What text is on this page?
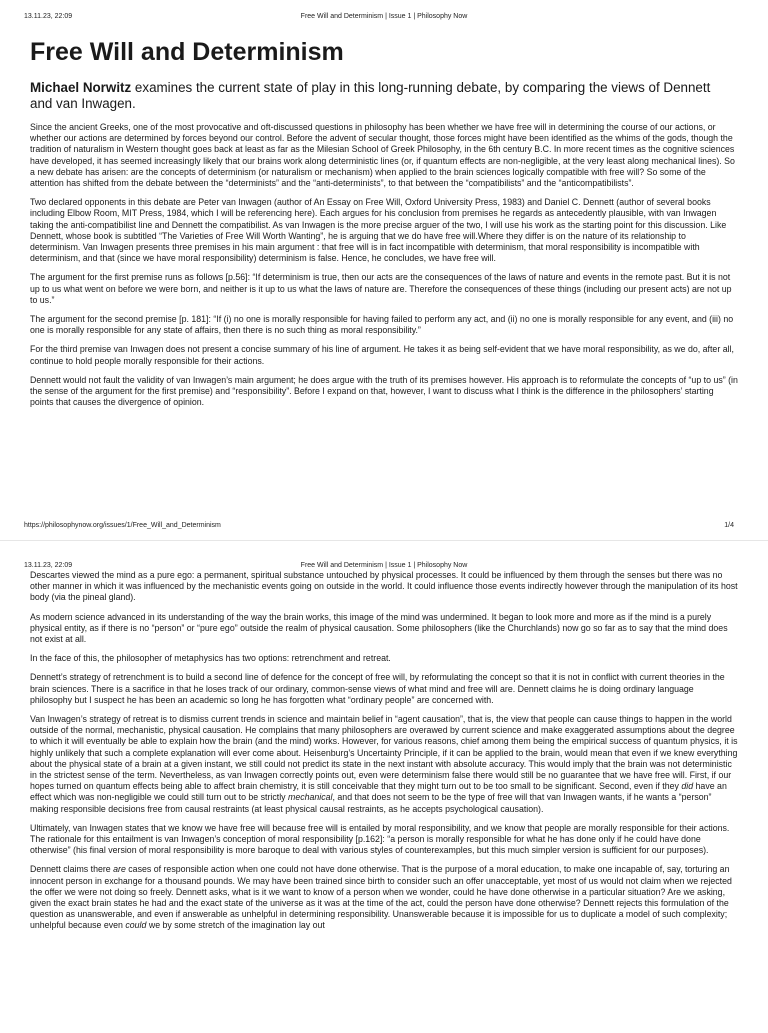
13.11.23, 22:09	Free Will and Determinism | Issue 1 | Philosophy Now
Free Will and Determinism

Michael Norwitz examines the current state of play in this long-running debate, by comparing the views of Dennett and van Inwagen.

Since the ancient Greeks, one of the most provocative and oft-discussed questions in philosophy has been whether we have free will in determining the course of our actions, or whether our actions are determined by forces beyond our control. Before the advent of secular thought, those forces might have been identified as the whims of the gods, though the tradition of naturalism in Western thought goes back at least as far as the Milesian School of Greek Philosophy, in the 6th century B.C. In more recent times as the cognitive sciences have developed, it has seemed increasingly likely that our brains work along deterministic lines (or, if quantum effects are non-negligible, at the very least along mechanical lines). So a new debate has arisen: are the concepts of determinism (or naturalism or mechanism) when applied to the brain sciences logically compatible with free will? So some of the attention has shifted from the debate between the “determinists” and the “anti-determinists”, to that between the “compatibilists” and the “anticompatibilists”.

Two declared opponents in this debate are Peter van Inwagen (author of An Essay on Free Will, Oxford University Press, 1983) and Daniel C. Dennett (author of several books including Elbow Room, MIT Press, 1984, which I will be referencing here). Each argues for his conclusion from premises he regards as antecedently plausible, with van Inwagen taking the anti-compatibilist line and Dennett the compatibilist. As van Inwagen is the more precise arguer of the two, I will use his work as the starting point for this discussion. Like Dennett, whose book is subtitled “The Varieties of Free Will Worth Wanting”, he is arguing that we do have free will.Where they differ is on the nature of its relationship to determinism. Van Inwagen presents three premises in his main argument : that free will is in fact incompatible with determinism, that moral responsibility is incompatible with determinism, and that (since we have moral responsibility) determinism is false. Hence, he concludes, we have free will.

The argument for the first premise runs as follows [p.56]: “If determinism is true, then our acts are the consequences of the laws of nature and events in the remote past. But it is not up to us what went on before we were born, and neither is it up to us what the laws of nature are. Therefore the consequences of these things (including our present acts) are not up to us.”

The argument for the second premise [p. 181]: “If (i) no one is morally responsible for having failed to perform any act, and (ii) no one is morally responsible for any event, and (iii) no one is morally responsible for any state of affairs, then there is no such thing as moral responsibility.”

For the third premise van Inwagen does not present a concise summary of his line of argument. He takes it as being self-evident that we have moral responsibility, as we do, after all, continue to hold people morally responsible for their actions.

Dennett would not fault the validity of van Inwagen’s main argument; he does argue with the truth of its premises however. His approach is to reformulate the concepts of “up to us” (in the sense of the argument for the first premise) and “responsibility”. Before I expand on that, however, I want to discuss what I think is the difference in the philosophers’ starting points that causes the divergence of opinion.

https://philosophynow.org/issues/1/Free_Will_and_Determinism	1/4
13.11.23, 22:09	Free Will and Determinism | Issue 1 | Philosophy Now

Descartes viewed the mind as a pure ego: a permanent, spiritual substance untouched by physical processes. It could be influenced by them through the senses but there was no other manner in which it was influenced by the mechanistic events going on outside in the world. It could influence those events indirectly however through the manipulation of its host body (via the pineal gland).

As modern science advanced in its understanding of the way the brain works, this image of the mind was undermined. It began to look more and more as if the mind is a purely physical entity, as if there is no “person” or “pure ego” outside the realm of physical causation. Some philosophers (like the Churchlands) now go so far as to say that the mind does not exist at all.

In the face of this, the philosopher of metaphysics has two options: retrenchment and retreat.

Dennett’s strategy of retrenchment is to build a second line of defence for the concept of free will, by reformulating the concept so that it is not in conflict with current theories in the brain sciences. There is a sacrifice in that he loses track of our ordinary, common-sense views of what mind and free will are. Dennett claims he is doing ordinary language philosophy but I suspect he has been an academic so long he has forgotten what “ordinary people” are concerned with.

Van Inwagen’s strategy of retreat is to dismiss current trends in science and maintain belief in “agent causation”, that is, the view that people can cause things to happen in the world outside of the normal, mechanistic, physical causation. He complains that many philosophers are overawed by current science and make exaggerated assumptions about the degree to which it will eventually be able to explain how the brain (and the mind) works. However, for various reasons, chief among them being the empirical success of quantum physics, it is highly unlikely that such a complete explanation will ever come about. Heisenburg’s Uncertainty Principle, if it can be applied to the brain, would mean that even if we knew everything about the physical state of a brain at a given instant, we still could not predict its state in the next instant with absolute accuracy. This would imply that the brain was not deterministic in the strictest sense of the term. Nevertheless, as van Inwagen correctly points out, even were determinism false there would still be no guarantee that we have free will. First, if our hopes turned on quantum effects being able to affect brain chemistry, it is still conceivable that they might turn out to be too small to be significant. Second, even if they did have an effect which was non-negligible we could still turn out to be strictly mechanical, and that does not seem to be the type of free will that van Inwagen wants, if he wants a “person” making responsible decisions free from causal restraints (at least physical causal restraints, as he accepts psychological causation).

Ultimately, van Inwagen states that we know we have free will because free will is entailed by moral responsibility, and we know that people are morally responsible for their actions. The rationale for this entailment is van Inwagen’s conception of moral responsibility [p.162]: “a person is morally responsible for what he has done only if he could have done otherwise” (his final version of moral responsibility is more baroque to deal with various styles of counterexamples, but this much simpler version is sufficient for our purposes).

Dennett claims there are cases of responsible action when one could not have done otherwise. That is the purpose of a moral education, to make one incapable of, say, torturing an innocent person in exchange for a thousand pounds. We may have been trained since birth to consider such an offer unacceptable, yet most of us would not claim when we rejected the offer we were not doing so freely. Dennett asks, what is it we want to know of a person when we wonder, could he have done otherwise in a particular situation? Are we asking, given the exact brain states he had and the exact state of the universe as it was at the time of the act, could the person have done otherwise? Dennett rejects this formulation of the question as unanswerable, and even if answerable as unhelpful in determining responsibility. Unanswerable because it is impossible for us to duplicate a model of such complexity; unhelpful because even could we by some stretch of the imagination lay out
